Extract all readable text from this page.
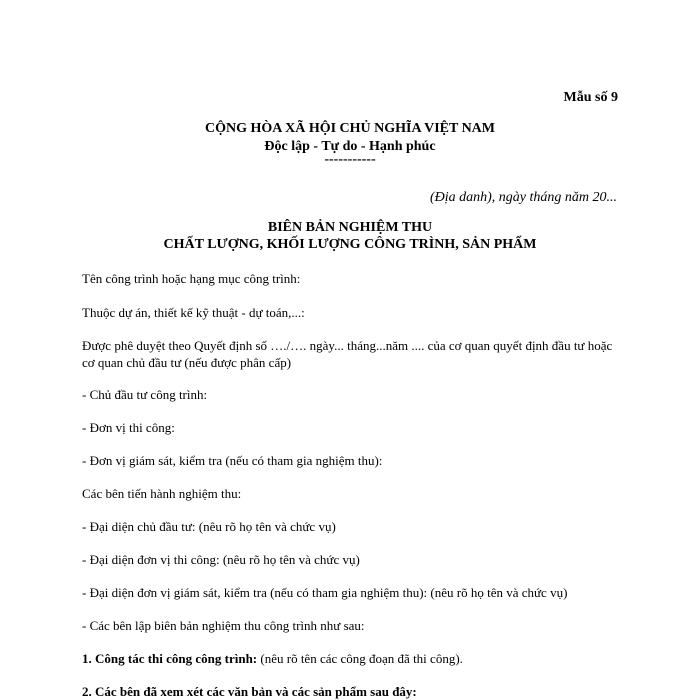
Mẫu số 9
CỘNG HÒA XÃ HỘI CHỦ NGHĨA VIỆT NAM
Độc lập - Tự do - Hạnh phúc
-----------
(Địa danh), ngày tháng năm 20...
BIÊN BẢN NGHIỆM THU
CHẤT LƯỢNG, KHỐI LƯỢNG CÔNG TRÌNH, SẢN PHẨM
Tên công trình hoặc hạng mục công trình:
Thuộc dự án, thiết kế kỹ thuật - dự toán,...:
Được phê duyệt theo Quyết định số …./…. ngày... tháng...năm .... của cơ quan quyết định đầu tư hoặc cơ quan chủ đầu tư (nếu được phân cấp)
- Chủ đầu tư công trình:
- Đơn vị thi công:
- Đơn vị giám sát, kiểm tra (nếu có tham gia nghiệm thu):
Các bên tiến hành nghiệm thu:
- Đại diện chủ đầu tư: (nêu rõ họ tên và chức vụ)
- Đại diện đơn vị thi công: (nêu rõ họ tên và chức vụ)
- Đại diện đơn vị giám sát, kiểm tra (nếu có tham gia nghiệm thu): (nêu rõ họ tên và chức vụ)
- Các bên lập biên bản nghiệm thu công trình như sau:
1. Công tác thi công công trình: (nêu rõ tên các công đoạn đã thi công).
2. Các bên đã xem xét các văn bản và các sản phẩm sau đây:
